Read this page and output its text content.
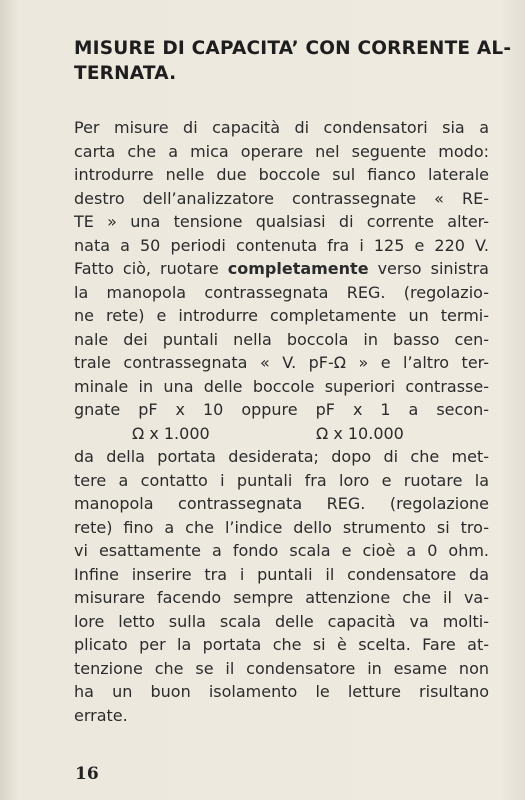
MISURE DI CAPACITA’ CON CORRENTE AL-
TERNATA.
Per misure di capacità di condensatori sia a
carta che a mica operare nel seguente modo:
introdurre nelle due boccole sul fianco laterale
destro dell’analizzatore contrassegnate « RE-
TE » una tensione qualsiasi di corrente alter-
nata a 50 periodi contenuta fra i 125 e 220 V.
Fatto ciò, ruotare completamente verso sinistra
la manopola contrassegnata REG. (regolazio-
ne rete) e introdurre completamente un termi-
nale dei puntali nella boccola in basso cen-
trale contrassegnata « V. pF-Ω » e l’altro ter-
minale in una delle boccole superiori contrasse-
gnate pF x 10 oppure pF x 1 a secon-
Ω x 1.000	Ω x 10.000
da della portata desiderata; dopo di che met-
tere a contatto i puntali fra loro e ruotare la
manopola contrassegnata REG. (regolazione
rete) fino a che l’indice dello strumento si tro-
vi esattamente a fondo scala e cioè a 0 ohm.
Infine inserire tra i puntali il condensatore da
misurare facendo sempre attenzione che il va-
lore letto sulla scala delle capacità va molti-
plicato per la portata che si è scelta. Fare at-
tenzione che se il condensatore in esame non
ha un buon isolamento le letture risultano
errate.
16
